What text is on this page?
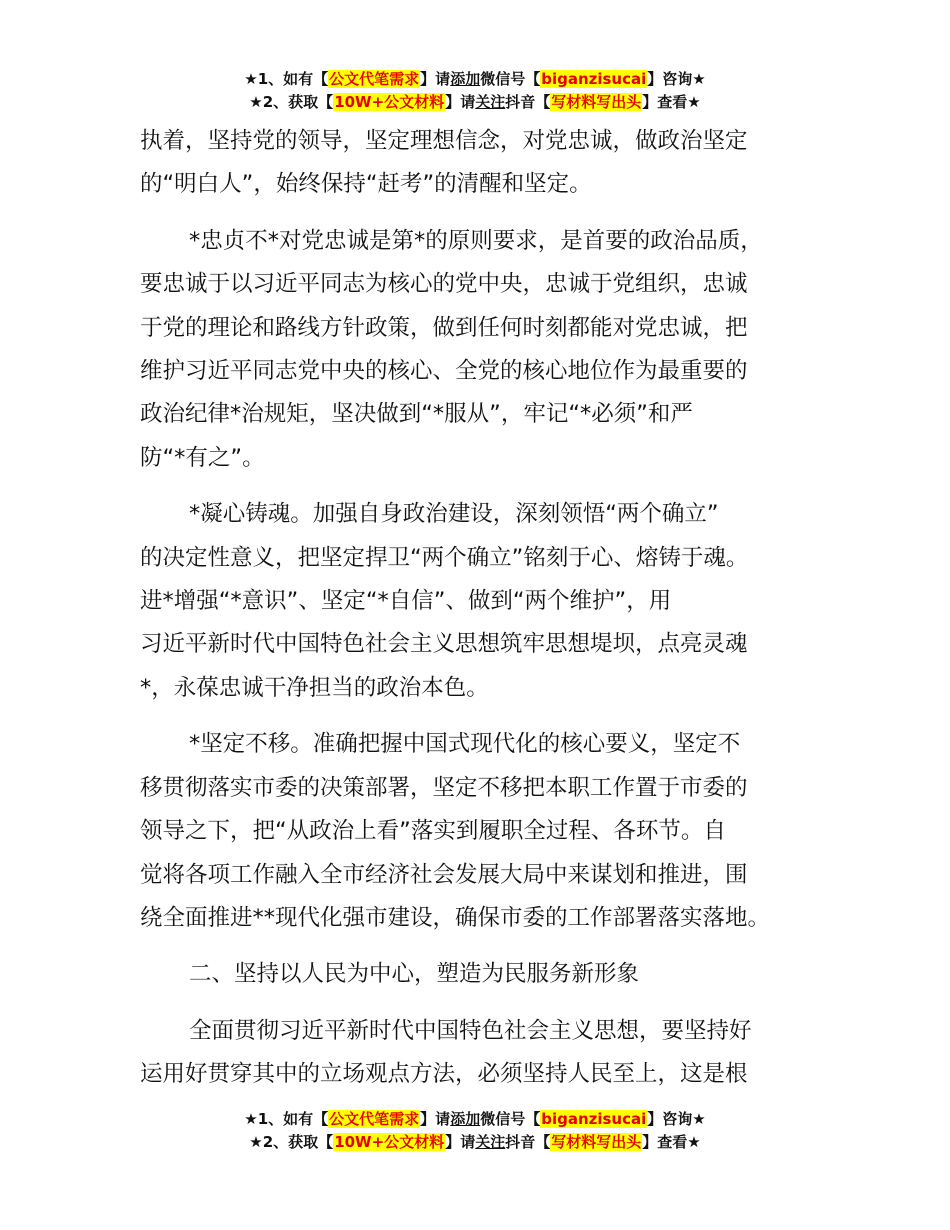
★1、如有【公文代笔需求】请添加微信号【biganzisucai】咨询★
★2、获取【10W+公文材料】请关注抖音【写材料写出头】查看★
执着，坚持党的领导，坚定理想信念，对党忠诚，做政治坚定
的“明白人”，始终保持“赶考”的清醒和坚定。
*忠贞不*对党忠诚是第*的原则要求，是首要的政治品质，
要忠诚于以习近平同志为核心的党中央，忠诚于党组织，忠诚
于党的理论和路线方针政策，做到任何时刻都能对党忠诚，把
维护习近平同志党中央的核心、全党的核心地位作为最重要的
政治纪律*治规矩，坚决做到“*服从”，牢记“*必须”和严
防“*有之”。
*凝心铸魂。加强自身政治建设，深刻领悟“两个确立”
的决定性意义，把坚定捍卫“两个确立”铭刻于心、熔铸于魂。
进*增强“*意识”、坚定“*自信”、做到“两个维护”，用
习近平新时代中国特色社会主义思想筑牢思想堤坝，点亮灵魂
*，永葆忠诚干净担当的政治本色。
*坚定不移。准确把握中国式现代化的核心要义，坚定不
移贯彻落实市委的决策部署，坚定不移把本职工作置于市委的
领导之下，把“从政治上看”落实到履职全过程、各环节。自
觉将各项工作融入全市经济社会发展大局中来谋划和推进，围
绕全面推进**现代化强市建设，确保市委的工作部署落实落地。
二、坚持以人民为中心，塑造为民服务新形象
全面贯彻习近平新时代中国特色社会主义思想，要坚持好
运用好贯穿其中的立场观点方法，必须坚持人民至上，这是根
★1、如有【公文代笔需求】请添加微信号【biganzisucai】咨询★
★2、获取【10W+公文材料】请关注抖音【写材料写出头】查看★
